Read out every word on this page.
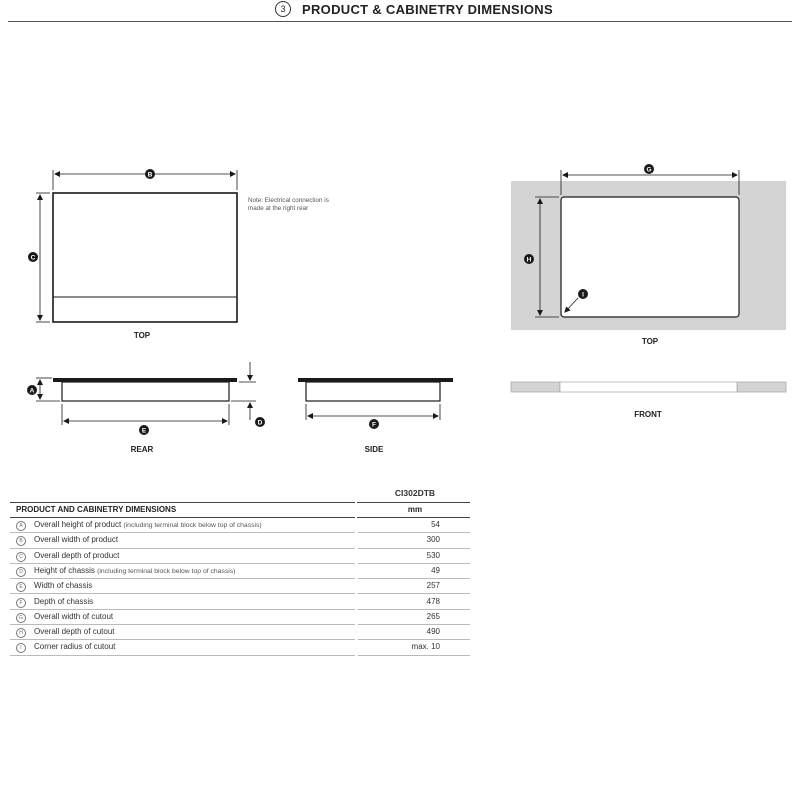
3	PRODUCT & CABINETRY DIMENSIONS
B
C
Note: Electrical connection is
made at the right rear
TOP
A
D
E
REAR
F
SIDE
G
H
I
TOP
FRONT
CI302DTB
PRODUCT AND CABINETRY DIMENSIONS	mm
A	Overall height of product (including terminal block below top of chassis)	54
B	Overall width of product	300
C	Overall depth of product	530
D	Height of chassis (including terminal block below top of chassis)	49
E	Width of chassis	257
F	Depth of chassis	478
G	Overall width of cutout	265
H	Overall depth of cutout	490
I	Corner radius of cutout	max. 10
